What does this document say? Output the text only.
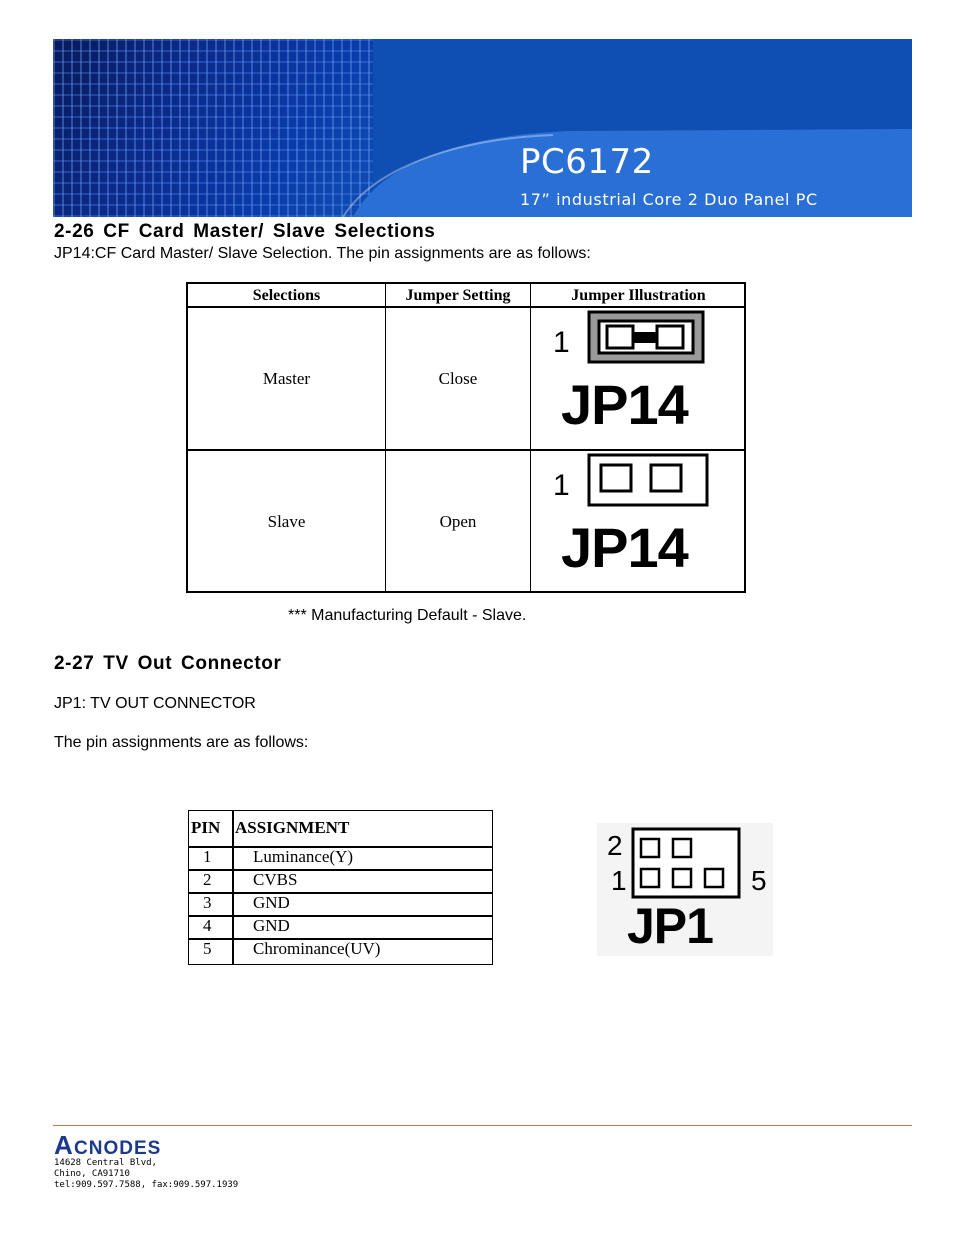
PC6172
17” industrial Core 2 Duo Panel PC
2-26 CF Card Master/ Slave Selections
JP14:CF Card Master/ Slave Selection. The pin assignments are as follows:
Selections	Jumper Setting	Jumper Illustration
Master	Close
1
JP14
Slave	Open
1
JP14
*** Manufacturing Default - Slave.
2-27 TV Out Connector
JP1: TV OUT CONNECTOR
The pin assignments are as follows:
PIN ASSIGNMENT
1 Luminance(Y)
2 CVBS
3 GND
4 GND
5 Chrominance(UV)
2
1	5
JP1
A CNODES
14628 Central Blvd,
Chino, CA91710
tel:909.597.7588, fax:909.597.1939
